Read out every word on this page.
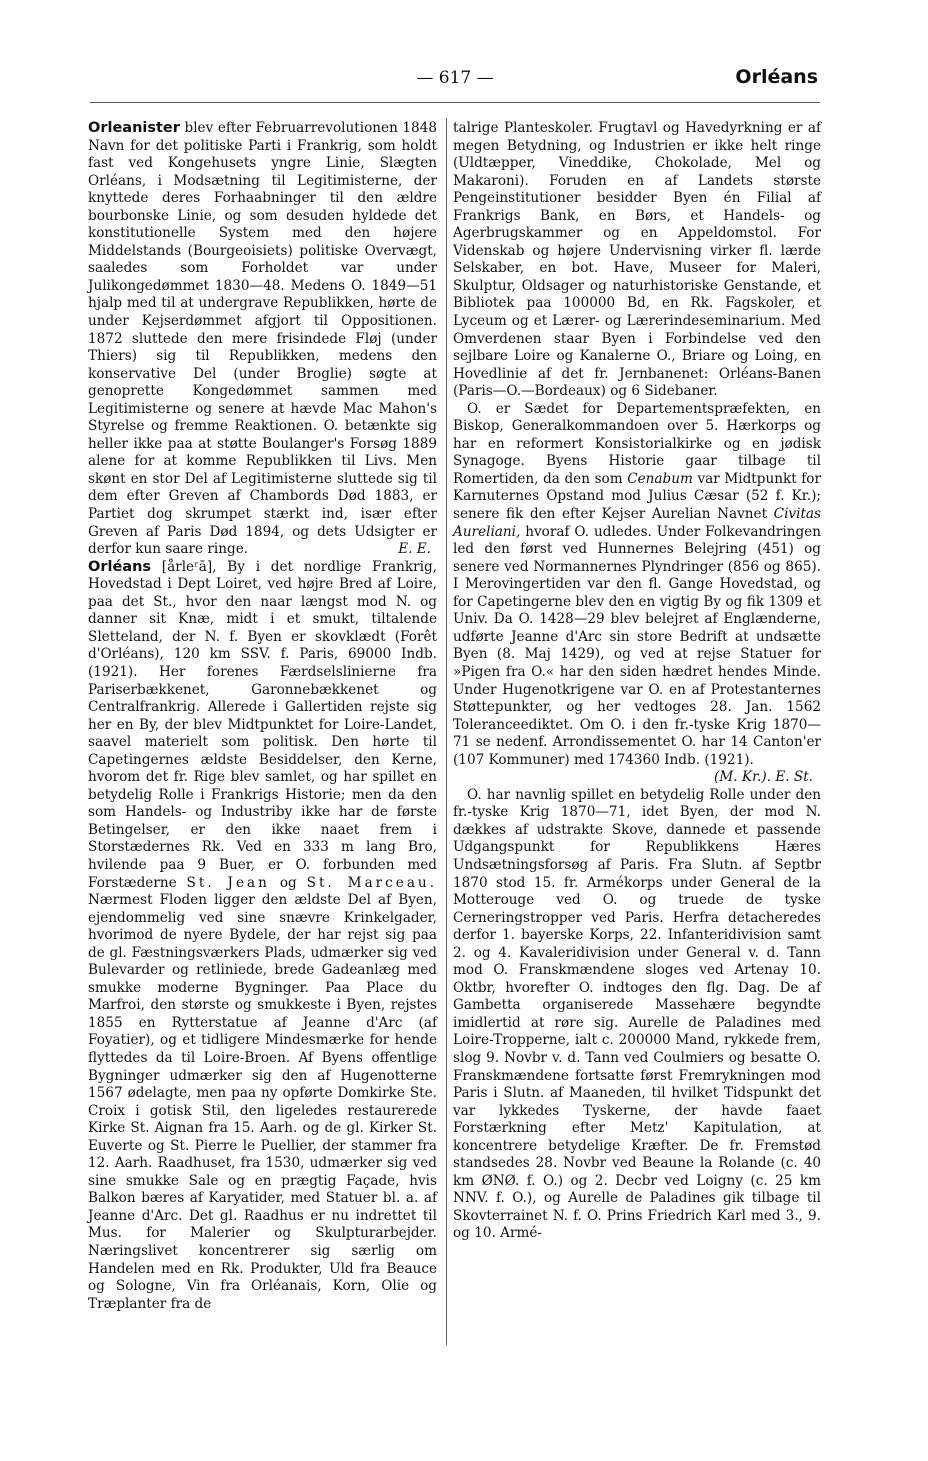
— 617 —	Orléans

Orleanister blev efter Februarrevolutionen 1848 Navn for det politiske Parti i Frankrig, som holdt fast ved Kongehusets yngre Linie, Slægten Orléans, i Modsætning til Legitimisterne, der knyttede deres Forhaabninger til den ældre bourbonske Linie, og som desuden hyldede det konstitutionelle System med den højere Middelstands (Bourgeoisiets) politiske Overvægt, saaledes som Forholdet var under Julikongedømmet 1830—48. Medens O. 1849—51 hjalp med til at undergrave Republikken, hørte de under Kejserdømmet afgjort til Oppositionen. 1872 sluttede den mere frisindede Fløj (under Thiers) sig til Republikken, medens den konservative Del (under Broglie) søgte at genoprette Kongedømmet sammen med Legitimisterne og senere at hævde Mac Mahon's Styrelse og fremme Reaktionen. O. betænkte sig heller ikke paa at støtte Boulanger's Forsøg 1889 alene for at komme Republikken til Livs. Men skønt en stor Del af Legitimisterne sluttede sig til dem efter Greven af Chambords Død 1883, er Partiet dog skrumpet stærkt ind, især efter Greven af Paris Død 1894, og dets Udsigter er derfor kun saare ringe.	E. E.

Orléans [årleʳā], By i det nordlige Frankrig, Hovedstad i Dept Loiret, ved højre Bred af Loire, paa det St., hvor den naar længst mod N. og danner sit Knæ, midt i et smukt, tiltalende Sletteland, der N. f. Byen er skovklædt (Forêt d'Orléans), 120 km SSV. f. Paris, 69000 Indb. (1921). Her forenes Færdselslinierne fra Pariserbækkenet, Garonnebækkenet og Centralfrankrig. Allerede i Gallertiden rejste sig her en By, der blev Midtpunktet for Loire-Landet, saavel materielt som politisk. Den hørte til Capetingernes ældste Besiddelser, den Kerne, hvorom det fr. Rige blev samlet, og har spillet en betydelig Rolle i Frankrigs Historie; men da den som Handels- og Industriby ikke har de første Betingelser, er den ikke naaet frem i Storstædernes Rk. Ved en 333 m lang Bro, hvilende paa 9 Buer, er O. forbunden med Forstæderne St. Jean og St. Marceau. Nærmest Floden ligger den ældste Del af Byen, ejendommelig ved sine snævre Krinkelgader, hvorimod de nyere Bydele, der har rejst sig paa de gl. Fæstningsværkers Plads, udmærker sig ved Bulevarder og retliniede, brede Gadeanlæg med smukke moderne Bygninger. Paa Place du Marfroi, den største og smukkeste i Byen, rejstes 1855 en Rytterstatue af Jeanne d'Arc (af Foyatier), og et tidligere Mindesmærke for hende flyttedes da til Loire-Broen. Af Byens offentlige Bygninger udmærker sig den af Hugenotterne 1567 ødelagte, men paa ny opførte Domkirke Ste. Croix i gotisk Stil, den ligeledes restaurerede Kirke St. Aignan fra 15. Aarh. og de gl. Kirker St. Euverte og St. Pierre le Puellier, der stammer fra 12. Aarh. Raadhuset, fra 1530, udmærker sig ved sine smukke Sale og en prægtig Façade, hvis Balkon bæres af Karyatider, med Statuer bl. a. af Jeanne d'Arc. Det gl. Raadhus er nu indrettet til Mus. for Malerier og Skulpturarbejder. Næringslivet koncentrerer sig særlig om Handelen med en Rk. Produkter, Uld fra Beauce og Sologne, Vin fra Orléanais, Korn, Olie og Træplanter fra de

talrige Planteskoler. Frugtavl og Havedyrkning er af megen Betydning, og Industrien er ikke helt ringe (Uldtæpper, Vineddike, Chokolade, Mel og Makaroni). Foruden en af Landets største Pengeinstitutioner besidder Byen én Filial af Frankrigs Bank, en Børs, et Handels- og Agerbrugskammer og en Appeldomstol. For Videnskab og højere Undervisning virker fl. lærde Selskaber, en bot. Have, Museer for Maleri, Skulptur, Oldsager og naturhistoriske Genstande, et Bibliotek paa 100000 Bd, en Rk. Fagskoler, et Lyceum og et Lærer- og Lærerindeseminarium. Med Omverdenen staar Byen i Forbindelse ved den sejlbare Loire og Kanalerne O., Briare og Loing, en Hovedlinie af det fr. Jernbanenet: Orléans-Banen (Paris—O.—Bordeaux) og 6 Sidebaner.

O. er Sædet for Departementspræfekten, en Biskop, Generalkommandoen over 5. Hærkorps og har en reformert Konsistorialkirke og en jødisk Synagoge. Byens Historie gaar tilbage til Romertiden, da den som Cenabum var Midtpunkt for Karnuternes Opstand mod Julius Cæsar (52 f. Kr.); senere fik den efter Kejser Aurelian Navnet Civitas Aureliani, hvoraf O. udledes. Under Folkevandringen led den først ved Hunnernes Belejring (451) og senere ved Normannernes Plyndringer (856 og 865). I Merovingertiden var den fl. Gange Hovedstad, og for Capetingerne blev den en vigtig By og fik 1309 et Univ. Da O. 1428—29 blev belejret af Englænderne, udførte Jeanne d'Arc sin store Bedrift at undsætte Byen (8. Maj 1429), og ved at rejse Statuer for »Pigen fra O.« har den siden hædret hendes Minde. Under Hugenotkrigene var O. en af Protestanternes Støttepunkter, og her vedtoges 28. Jan. 1562 Toleranceediktet. Om O. i den fr.-tyske Krig 1870—71 se nedenf. Arrondissementet O. har 14 Canton'er (107 Kommuner) med 174360 Indb. (1921).
(M. Kr.). E. St.

O. har navnlig spillet en betydelig Rolle under den fr.-tyske Krig 1870—71, idet Byen, der mod N. dækkes af udstrakte Skove, dannede et passende Udgangspunkt for Republikkens Hæres Undsætningsforsøg af Paris. Fra Slutn. af Septbr 1870 stod 15. fr. Armékorps under General de la Motterouge ved O. og truede de tyske Cerneringstropper ved Paris. Herfra detacheredes derfor 1. bayerske Korps, 22. Infanteridivision samt 2. og 4. Kavaleridivision under General v. d. Tann mod O. Franskmændene sloges ved Artenay 10. Oktbr, hvorefter O. indtoges den flg. Dag. De af Gambetta organiserede Massehære begyndte imidlertid at røre sig. Aurelle de Paladines med Loire-Tropperne, ialt c. 200000 Mand, rykkede frem, slog 9. Novbr v. d. Tann ved Coulmiers og besatte O. Franskmændene fortsatte først Fremrykningen mod Paris i Slutn. af Maaneden, til hvilket Tidspunkt det var lykkedes Tyskerne, der havde faaet Forstærkning efter Metz' Kapitulation, at koncentrere betydelige Kræfter. De fr. Fremstød standsedes 28. Novbr ved Beaune la Rolande (c. 40 km ØNØ. f. O.) og 2. Decbr ved Loigny (c. 25 km NNV. f. O.), og Aurelle de Paladines gik tilbage til Skovterrainet N. f. O. Prins Friedrich Karl med 3., 9. og 10. Armé-
